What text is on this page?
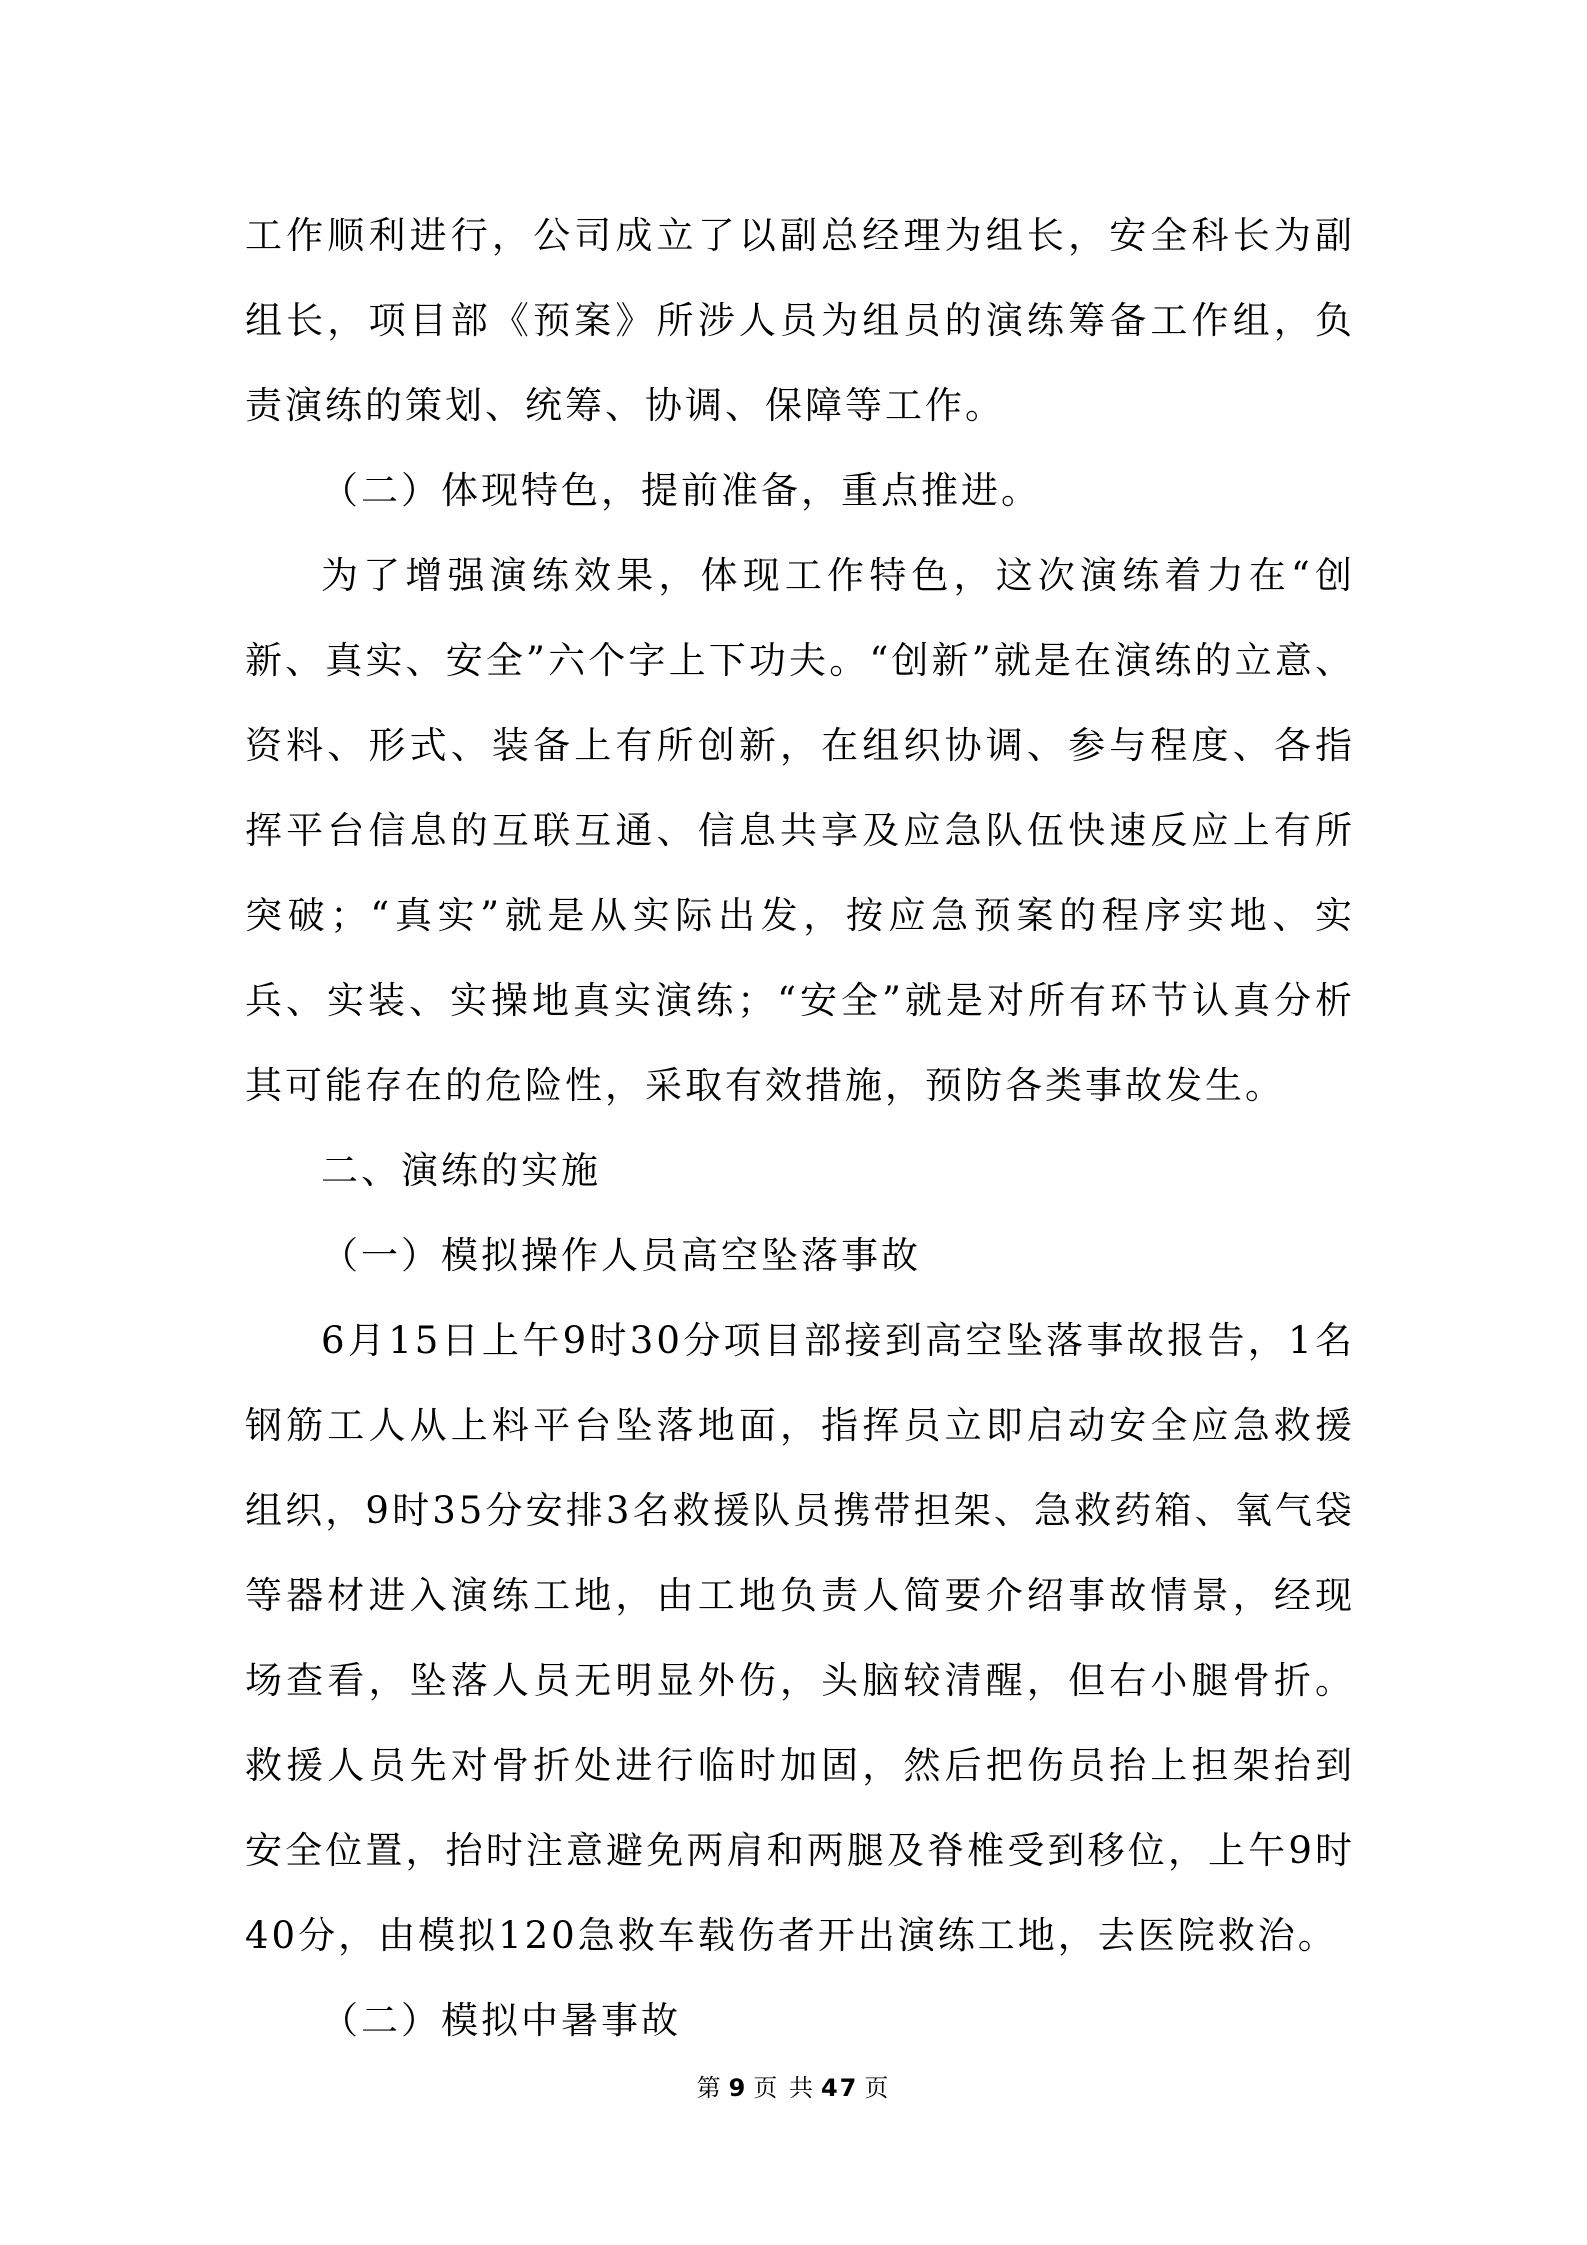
工作顺利进行，公司成立了以副总经理为组长，安全科长为副组长，项目部《预案》所涉人员为组员的演练筹备工作组，负责演练的策划、统筹、协调、保障等工作。

（二）体现特色，提前准备，重点推进。

为了增强演练效果，体现工作特色，这次演练着力在“创新、真实、安全”六个字上下功夫。“创新”就是在演练的立意、资料、形式、装备上有所创新，在组织协调、参与程度、各指挥平台信息的互联互通、信息共享及应急队伍快速反应上有所突破；“真实”就是从实际出发，按应急预案的程序实地、实兵、实装、实操地真实演练；“安全”就是对所有环节认真分析其可能存在的危险性，采取有效措施，预防各类事故发生。

二、演练的实施

（一）模拟操作人员高空坠落事故

6月15日上午9时30分项目部接到高空坠落事故报告，1名钢筋工人从上料平台坠落地面，指挥员立即启动安全应急救援组织，9时35分安排3名救援队员携带担架、急救药箱、氧气袋等器材进入演练工地，由工地负责人简要介绍事故情景，经现场查看，坠落人员无明显外伤，头脑较清醒，但右小腿骨折。救援人员先对骨折处进行临时加固，然后把伤员抬上担架抬到安全位置，抬时注意避免两肩和两腿及脊椎受到移位，上午9时40分，由模拟120急救车载伤者开出演练工地，去医院救治。

（二）模拟中暑事故

第 9 页 共 47 页
